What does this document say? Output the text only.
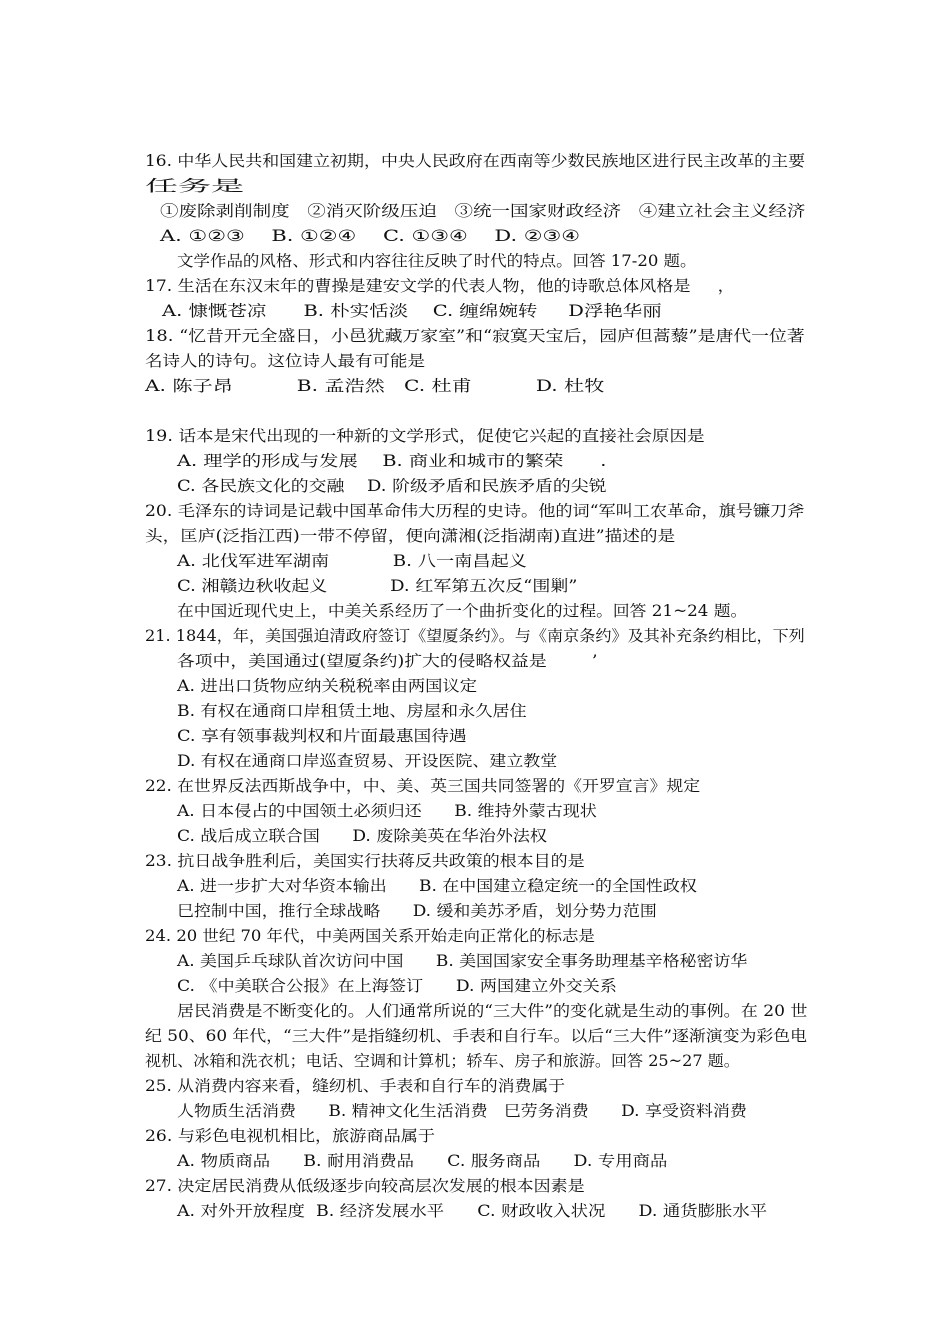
16. 中华人民共和国建立初期，中央人民政府在西南等少数民族地区进行民主改革的主要
任务是
①废除剥削制度   ②消灭阶级压迫   ③统一国家财政经济   ④建立社会主义经济
A. ①②③    B. ①②④    C. ①③④    D. ②③④
文学作品的风格、形式和内容往往反映了时代的特点。回答 17-20 题。
17. 生活在东汉末年的曹操是建安文学的代表人物，他的诗歌总体风格是     ，
A. 慷慨苍凉      B. 朴实恬淡    C. 缠绵婉转     D浮艳华丽
18. “忆昔开元全盛日，小邑犹藏万家室”和“寂寞天宝后，园庐但蒿藜”是唐代一位著
名诗人的诗句。这位诗人最有可能是
A. 陈子昂          B. 孟浩然   C. 杜甫          D. 杜牧
19. 话本是宋代出现的一种新的文学形式，促使它兴起的直接社会原因是
A. 理学的形成与发展    B. 商业和城市的繁荣      .
C. 各民族文化的交融    D. 阶级矛盾和民族矛盾的尖锐
20. 毛泽东的诗词是记载中国革命伟大历程的史诗。他的词“军叫工农革命，旗号镰刀斧
头，匡庐(泛指江西)一带不停留，便向潇湘(泛指湖南)直进”描述的是
A. 北伐军进军湖南           B. 八一南昌起义
C. 湘赣边秋收起义           D. 红军第五次反“围剿”
在中国近现代史上，中美关系经历了一个曲折变化的过程。回答 21~24 题。
21. 1844，年，美国强迫清政府签订《望厦条约》。与《南京条约》及其补充条约相比，下列
各项中，美国通过(望厦条约)扩大的侵略权益是        ’
A. 进出口货物应纳关税税率由两国议定
B. 有权在通商口岸租赁土地、房屋和永久居住
C. 享有领事裁判权和片面最惠国待遇
D. 有权在通商口岸巡查贸易、开设医院、建立教堂
22. 在世界反法西斯战争中，中、美、英三国共同签署的《开罗宣言》规定
A. 日本侵占的中国领土必须归还      B. 维持外蒙古现状
C. 战后成立联合国      D. 废除美英在华治外法权
23. 抗日战争胜利后，美国实行扶蒋反共政策的根本目的是
A. 进一步扩大对华资本输出      B. 在中国建立稳定统一的全国性政权
巳控制中国，推行全球战略      D. 缓和美苏矛盾，划分势力范围
24. 20 世纪 70 年代，中美两国关系开始走向正常化的标志是
A. 美国乒乓球队首次访问中国      B. 美国国家安全事务助理基辛格秘密访华
C. 《中美联合公报》在上海签订      D. 两国建立外交关系
居民消费是不断变化的。人们通常所说的“三大件”的变化就是生动的事例。在 20 世
纪 50、60 年代，“三大件”是指缝纫机、手表和自行车。以后“三大件”逐渐演变为彩色电
视机、冰箱和洗衣机；电话、空调和计算机；轿车、房子和旅游。回答 25~27 题。
25. 从消费内容来看，缝纫机、手表和自行车的消费属于
人物质生活消费      B. 精神文化生活消费   巳劳务消费      D. 享受资料消费
26. 与彩色电视机相比，旅游商品属于
A. 物质商品      B. 耐用消费品      C. 服务商品      D. 专用商品
27. 决定居民消费从低级逐步向较高层次发展的根本因素是
A. 对外开放程度  B. 经济发展水平      C. 财政收入状况      D. 通货膨胀水平
